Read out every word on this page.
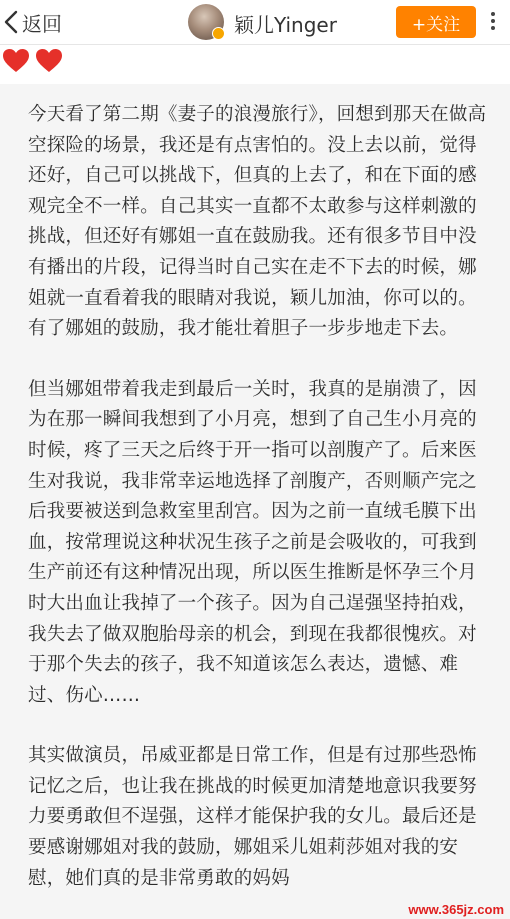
返回	颖儿Yinger	+关注

今天看了第二期《妻子的浪漫旅行》，回想到那天在做高空探险的场景，我还是有点害怕的。没上去以前，觉得还好，自己可以挑战下，但真的上去了，和在下面的感观完全不一样。自己其实一直都不太敢参与这样刺激的挑战，但还好有娜姐一直在鼓励我。还有很多节目中没有播出的片段，记得当时自己实在走不下去的时候，娜姐就一直看着我的眼睛对我说，颖儿加油，你可以的。有了娜姐的鼓励，我才能壮着胆子一步步地走下去。

但当娜姐带着我走到最后一关时，我真的是崩溃了，因为在那一瞬间我想到了小月亮，想到了自己生小月亮的时候，疼了三天之后终于开一指可以剖腹产了。后来医生对我说，我非常幸运地选择了剖腹产，否则顺产完之后我要被送到急救室里刮宫。因为之前一直绒毛膜下出血，按常理说这种状况生孩子之前是会吸收的，可我到生产前还有这种情况出现，所以医生推断是怀孕三个月时大出血让我掉了一个孩子。因为自己逞强坚持拍戏，我失去了做双胞胎母亲的机会，到现在我都很愧疚。对于那个失去的孩子，我不知道该怎么表达，遗憾、难过、伤心……

其实做演员，吊威亚都是日常工作，但是有过那些恐怖记忆之后，也让我在挑战的时候更加清楚地意识我要努力要勇敢但不逞强，这样才能保护我的女儿。最后还是要感谢娜姐对我的鼓励，娜姐采儿姐莉莎姐对我的安慰，她们真的是非常勇敢的妈妈

www.365jz.com
